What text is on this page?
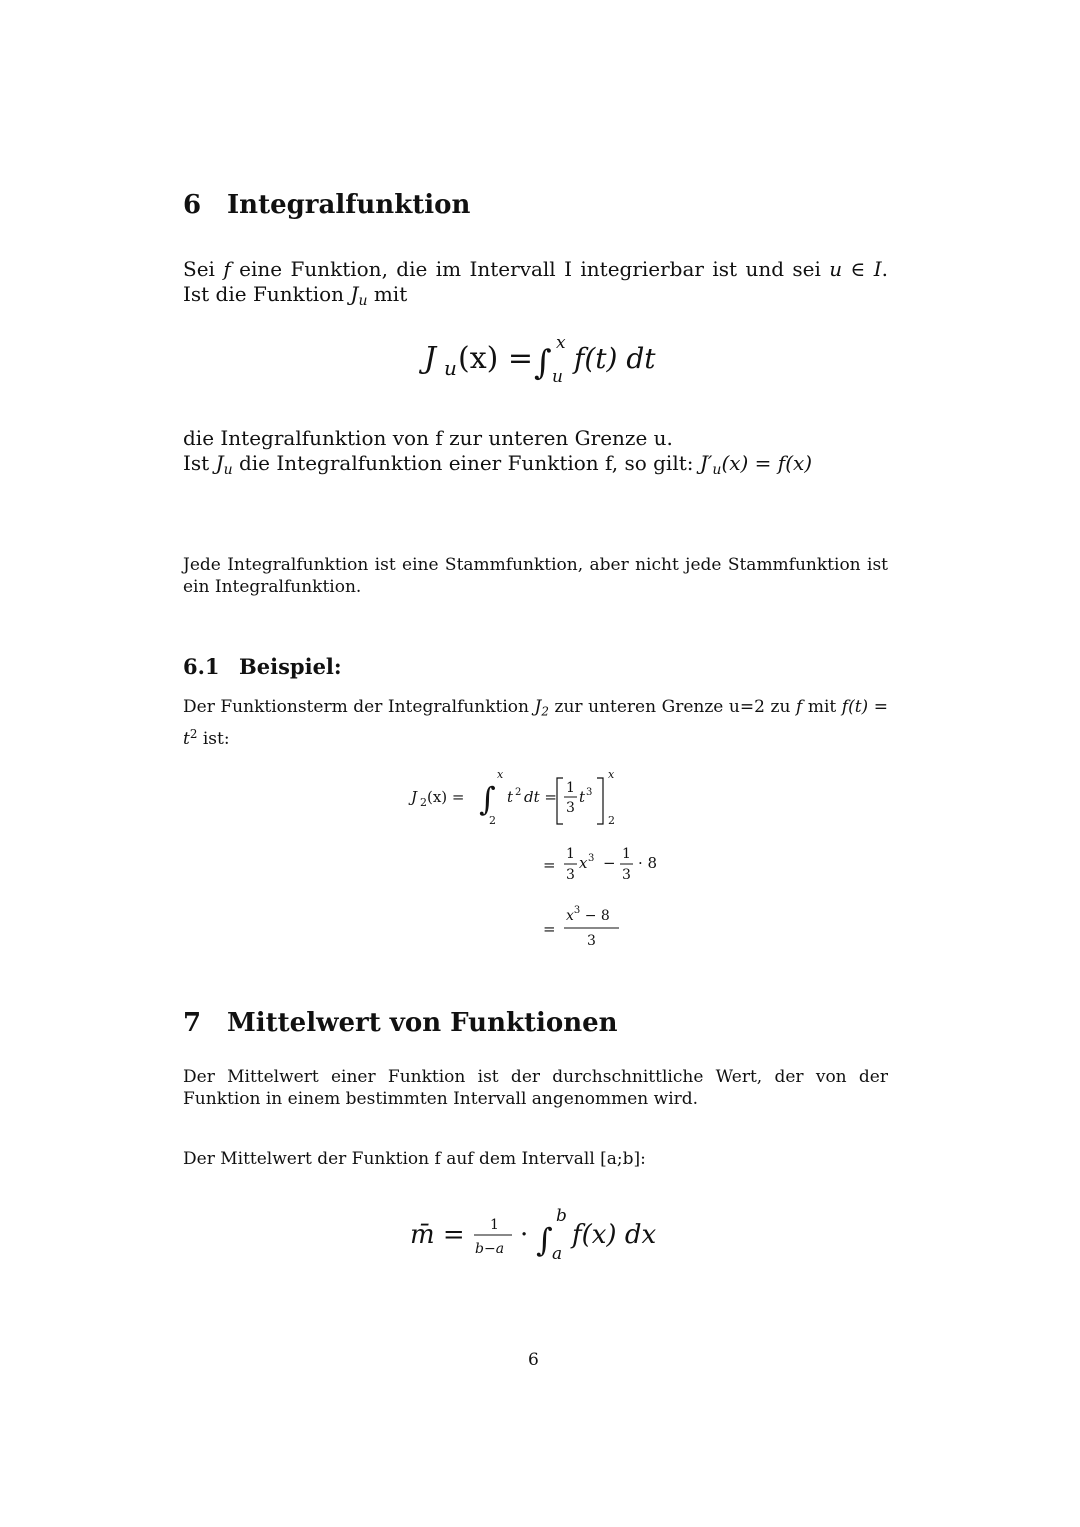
6 Integralfunktion
Sei f eine Funktion, die im Intervall I integrierbar ist und sei u ∈ I. Ist die Funktion $J_u$ mit
J u (x) = ∫ x
u
f(t) dt
die Integralfunktion von f zur unteren Grenze u.
Ist $J_u$ die Integralfunktion einer Funktion f, so gilt: $J'_u(x) = f(x)$
Jede Integralfunktion ist eine Stammfunktion, aber nicht jede Stammfunktion ist ein Integralfunktion.
6.1 Beispiel:
Der Funktionsterm der Integralfunktion $J_2$ zur unteren Grenze u=2 zu f mit $f(t) = t^2$ ist:
J 2 (x) = ∫
x
2
t 2 dt = 1
3
t 3
x
2
=
1
3
x 3 − 1
3
· 8
=
$x^3 - 8$
3
7 Mittelwert von Funktionen
Der Mittelwert einer Funktion ist der durchschnittliche Wert, der von der Funktion in einem bestimmten Intervall angenommen wird.
Der Mittelwert der Funktion f auf dem Intervall [a;b]:
m̄ = 1
b−a · ∫
b
a
f(x) dx
6
